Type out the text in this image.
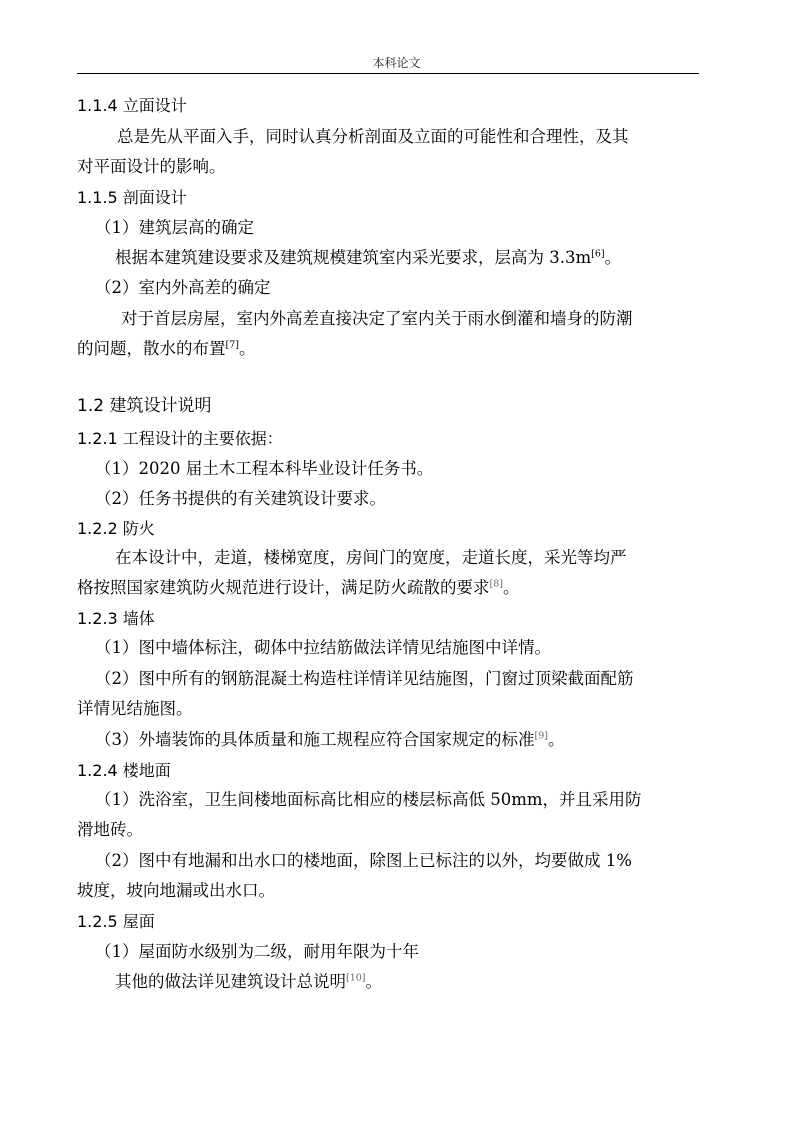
本科论文
1.1.4 立面设计
总是先从平面入手，同时认真分析剖面及立面的可能性和合理性，及其
对平面设计的影响。
1.1.5 剖面设计
（1）建筑层高的确定
根据本建筑建设要求及建筑规模建筑室内采光要求，层高为 3.3m[6]。
（2）室内外高差的确定
对于首层房屋，室内外高差直接决定了室内关于雨水倒灌和墙身的防潮
的问题，散水的布置[7]。
1.2 建筑设计说明
1.2.1 工程设计的主要依据：
（1）2020 届土木工程本科毕业设计任务书。
（2）任务书提供的有关建筑设计要求。
1.2.2 防火
在本设计中，走道，楼梯宽度，房间门的宽度，走道长度，采光等均严
格按照国家建筑防火规范进行设计，满足防火疏散的要求[8]。
1.2.3 墙体
（1）图中墙体标注，砌体中拉结筋做法详情见结施图中详情。
（2）图中所有的钢筋混凝土构造柱详情详见结施图，门窗过顶梁截面配筋
详情见结施图。
（3）外墙装饰的具体质量和施工规程应符合国家规定的标准[9]。
1.2.4 楼地面
（1）洗浴室，卫生间楼地面标高比相应的楼层标高低 50mm，并且采用防
滑地砖。
（2）图中有地漏和出水口的楼地面，除图上已标注的以外，均要做成 1%
坡度，坡向地漏或出水口。
1.2.5 屋面
（1）屋面防水级别为二级，耐用年限为十年
其他的做法详见建筑设计总说明[10]。
